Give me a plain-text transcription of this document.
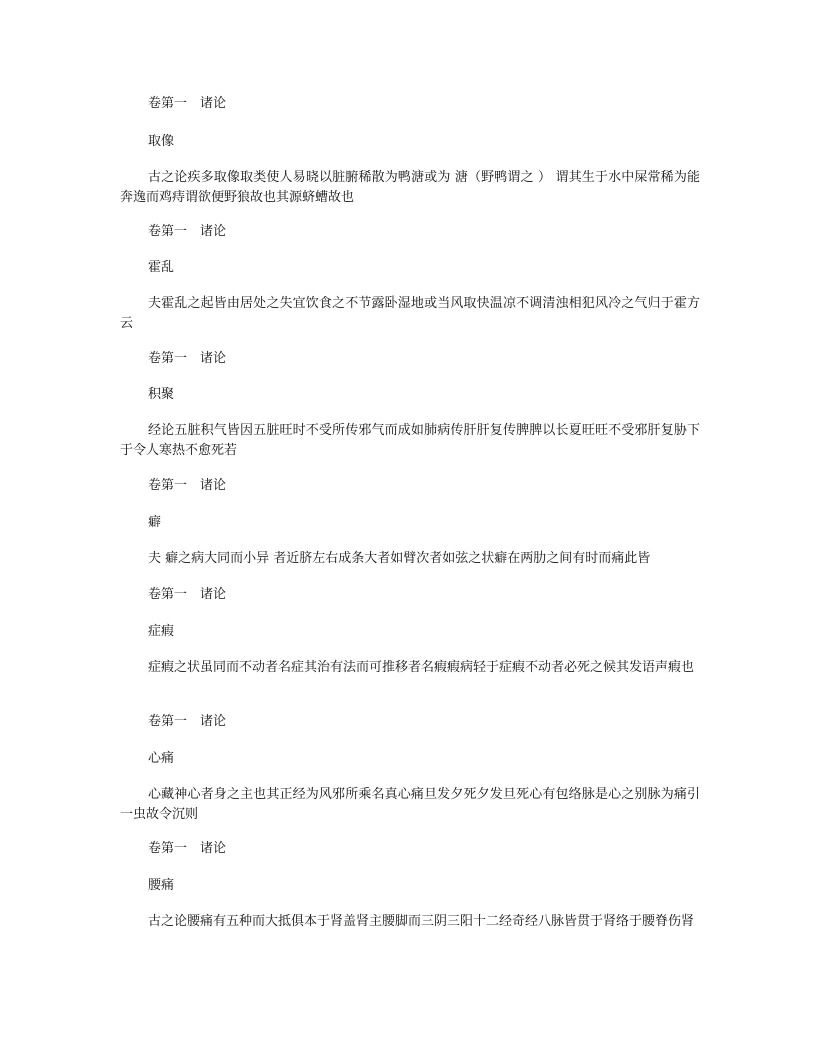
卷第一　诸论

取像

古之论疾多取像取类使人易晓以脏腑稀散为鸭溏或为 溏（野鸭谓之 ） 谓其生于水中屎常稀为能奔逸而鸡痔谓欲便野狼故也其源蛴螬故也

卷第一　诸论

霍乱

夫霍乱之起皆由居处之失宜饮食之不节露卧湿地或当风取快温凉不调清浊相犯风冷之气归于霍方云

卷第一　诸论

积聚

经论五脏积气皆因五脏旺时不受所传邪气而成如肺病传肝肝复传脾脾以长夏旺旺不受邪肝复胁下于令人寒热不愈死若

卷第一　诸论

癖

夫 癖之病大同而小异 者近脐左右成条大者如臂次者如弦之状癖在两肋之间有时而痛此皆

卷第一　诸论

症瘕

症瘕之状虽同而不动者名症其治有法而可推移者名瘕瘕病轻于症瘕不动者必死之候其发语声瘕也

卷第一　诸论

心痛

心藏神心者身之主也其正经为风邪所乘名真心痛旦发夕死夕发旦死心有包络脉是心之别脉为痛引一虫故令沉则

卷第一　诸论

腰痛

古之论腰痛有五种而大抵俱本于肾盖肾主腰脚而三阴三阳十二经奇经八脉皆贯于肾络于腰脊伤肾
